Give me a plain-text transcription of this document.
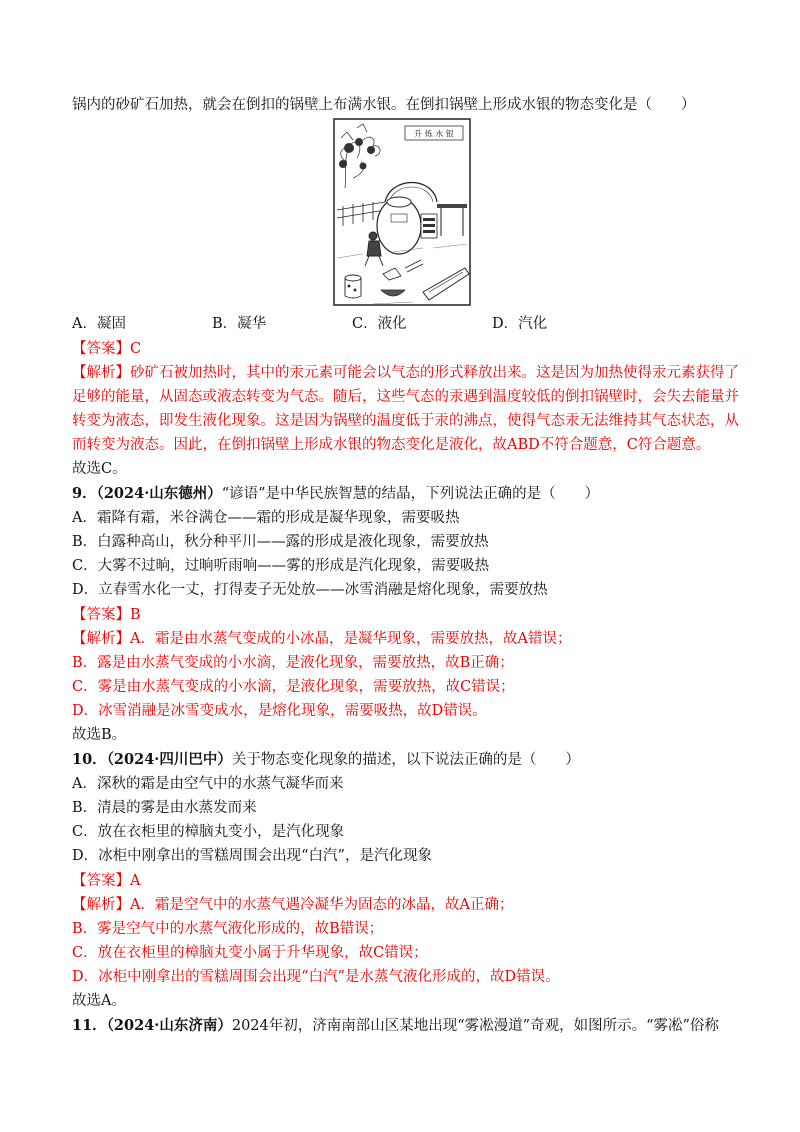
锅内的砂矿石加热，就会在倒扣的锅壁上布满水银。在倒扣锅壁上形成水银的物态变化是（　　）
升 炼 水 银
A．凝固	B．凝华	C．液化	D．汽化
【答案】C
【解析】砂矿石被加热时，其中的汞元素可能会以气态的形式释放出来。这是因为加热使得汞元素获得了
足够的能量，从固态或液态转变为气态。随后，这些气态的汞遇到温度较低的倒扣锅壁时，会失去能量并
转变为液态，即发生液化现象。这是因为锅壁的温度低于汞的沸点，使得气态汞无法维持其气态状态，从
而转变为液态。因此，在倒扣锅壁上形成水银的物态变化是液化，故ABD不符合题意，C符合题意。
故选C。
9．（2024·山东德州）“谚语”是中华民族智慧的结晶，下列说法正确的是（　　）
A．霜降有霜，米谷满仓——霜的形成是凝华现象，需要吸热
B．白露种高山，秋分种平川——露的形成是液化现象，需要放热
C．大雾不过晌，过晌听雨响——雾的形成是汽化现象，需要吸热
D．立春雪水化一丈，打得麦子无处放——冰雪消融是熔化现象，需要放热
【答案】B
【解析】A．霜是由水蒸气变成的小冰晶，是凝华现象，需要放热，故A错误；
B．露是由水蒸气变成的小水滴，是液化现象，需要放热，故B正确；
C．雾是由水蒸气变成的小水滴，是液化现象，需要放热，故C错误；
D．冰雪消融是冰雪变成水，是熔化现象，需要吸热，故D错误。
故选B。
10．（2024·四川巴中）关于物态变化现象的描述，以下说法正确的是（　　）
A．深秋的霜是由空气中的水蒸气凝华而来
B．清晨的雾是由水蒸发而来
C．放在衣柜里的樟脑丸变小，是汽化现象
D．冰柜中刚拿出的雪糕周围会出现“白汽”，是汽化现象
【答案】A
【解析】A．霜是空气中的水蒸气遇冷凝华为固态的冰晶，故A正确；
B．雾是空气中的水蒸气液化形成的，故B错误；
C．放在衣柜里的樟脑丸变小属于升华现象，故C错误；
D．冰柜中刚拿出的雪糕周围会出现“白汽”是水蒸气液化形成的，故D错误。
故选A。
11．（2024·山东济南）2024年初，济南南部山区某地出现“雾凇漫道”奇观，如图所示。“雾凇”俗称
